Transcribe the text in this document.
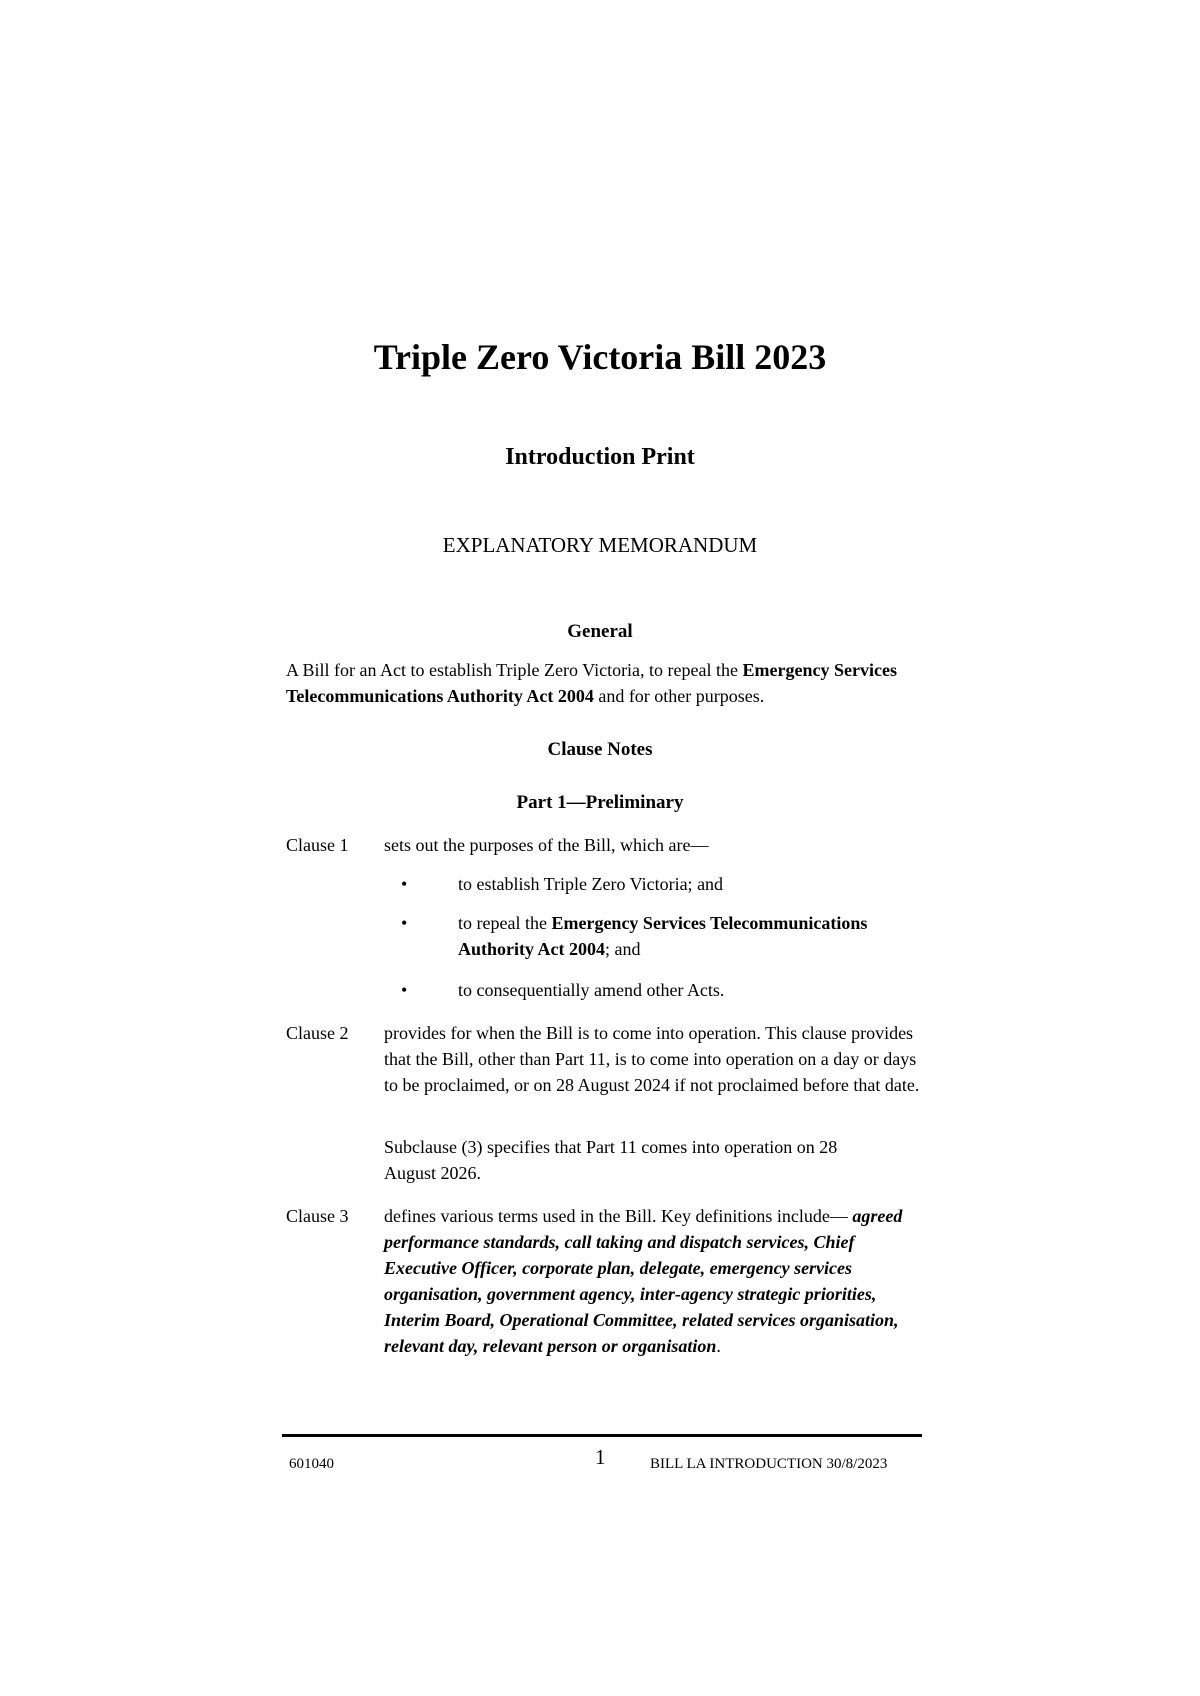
Triple Zero Victoria Bill 2023
Introduction Print
EXPLANATORY MEMORANDUM
General
A Bill for an Act to establish Triple Zero Victoria, to repeal the Emergency Services Telecommunications Authority Act 2004 and for other purposes.
Clause Notes
Part 1—Preliminary
Clause 1	sets out the purposes of the Bill, which are—
•	to establish Triple Zero Victoria; and
•	to repeal the Emergency Services Telecommunications Authority Act 2004; and
•	to consequentially amend other Acts.
Clause 2	provides for when the Bill is to come into operation. This clause provides that the Bill, other than Part 11, is to come into operation on a day or days to be proclaimed, or on 28 August 2024 if not proclaimed before that date.
Subclause (3) specifies that Part 11 comes into operation on 28 August 2026.
Clause 3	defines various terms used in the Bill. Key definitions include— agreed performance standards, call taking and dispatch services, Chief Executive Officer, corporate plan, delegate, emergency services organisation, government agency, inter-agency strategic priorities, Interim Board, Operational Committee, related services organisation, relevant day, relevant person or organisation.
601040	1	BILL LA INTRODUCTION 30/8/2023
